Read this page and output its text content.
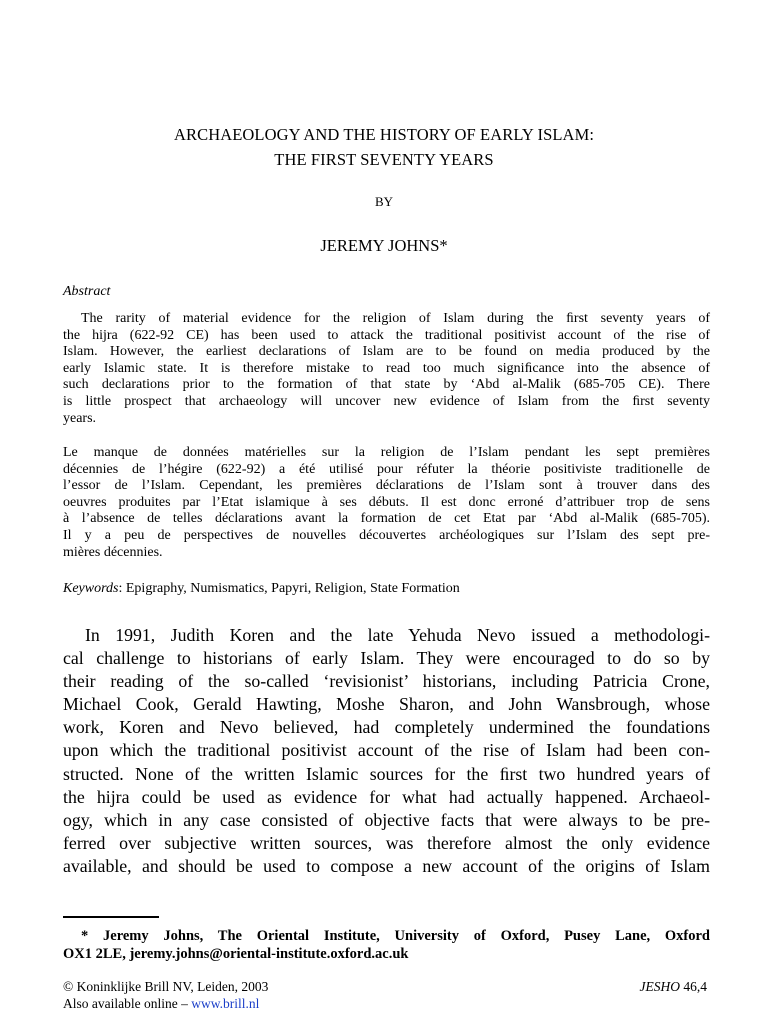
ARCHAEOLOGY AND THE HISTORY OF EARLY ISLAM:
THE FIRST SEVENTY YEARS
BY
JEREMY JOHNS*
Abstract
The rarity of material evidence for the religion of Islam during the ﬁrst seventy years of
the hijra (622-92 CE) has been used to attack the traditional positivist account of the rise of
Islam. However, the earliest declarations of Islam are to be found on media produced by the
early Islamic state. It is therefore mistake to read too much signiﬁcance into the absence of
such declarations prior to the formation of that state by ‘Abd al-Malik (685-705 CE). There
is little prospect that archaeology will uncover new evidence of Islam from the ﬁrst seventy
years.
Le manque de données matérielles sur la religion de l’Islam pendant les sept premières
décennies de l’hégire (622-92) a été utilisé pour réfuter la théorie positiviste traditionelle de
l’essor de l’Islam. Cependant, les premières déclarations de l’Islam sont à trouver dans des
oeuvres produites par l’Etat islamique à ses débuts. Il est donc erroné d’attribuer trop de sens
à l’absence de telles déclarations avant la formation de cet Etat par ‘Abd al-Malik (685-705).
Il y a peu de perspectives de nouvelles découvertes archéologiques sur l’Islam des sept pre-
mières décennies.
Keywords: Epigraphy, Numismatics, Papyri, Religion, State Formation
In 1991, Judith Koren and the late Yehuda Nevo issued a methodologi-
cal challenge to historians of early Islam. They were encouraged to do so by
their reading of the so-called ‘revisionist’ historians, including Patricia Crone,
Michael Cook, Gerald Hawting, Moshe Sharon, and John Wansbrough, whose
work, Koren and Nevo believed, had completely undermined the foundations
upon which the traditional positivist account of the rise of Islam had been con-
structed. None of the written Islamic sources for the ﬁrst two hundred years of
the hijra could be used as evidence for what had actually happened. Archaeol-
ogy, which in any case consisted of objective facts that were always to be pre-
ferred over subjective written sources, was therefore almost the only evidence
available, and should be used to compose a new account of the origins of Islam
* Jeremy Johns, The Oriental Institute, University of Oxford, Pusey Lane, Oxford
OX1 2LE, jeremy.johns@oriental-institute.oxford.ac.uk
© Koninklijke Brill NV, Leiden, 2003
Also available online – www.brill.nl
JESHO 46,4
